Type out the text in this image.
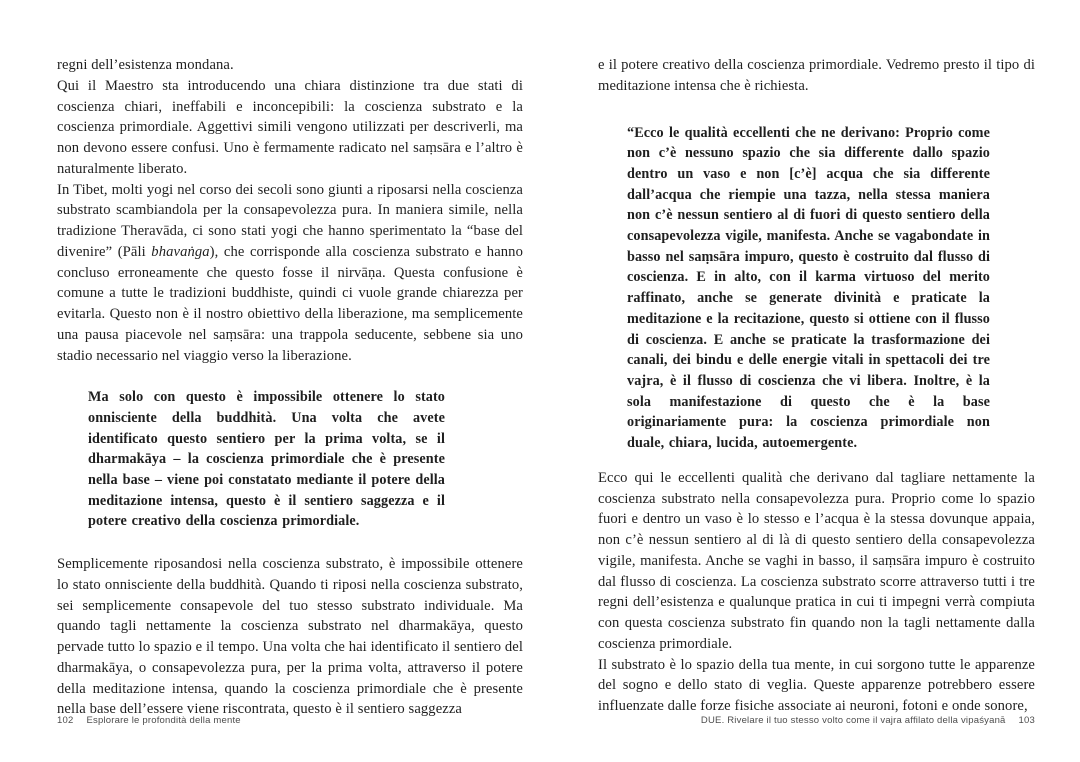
regni dell’esistenza mondana.

Qui il Maestro sta introducendo una chiara distinzione tra due stati di coscienza chiari, ineffabili e inconcepibili: la coscienza substrato e la coscienza primordiale. Aggettivi simili vengono utilizzati per descriverli, ma non devono essere confusi. Uno è fermamente radicato nel saṃsāra e l’altro è naturalmente liberato.

In Tibet, molti yogi nel corso dei secoli sono giunti a riposarsi nella coscienza substrato scambiandola per la consapevolezza pura. In maniera simile, nella tradizione Theravāda, ci sono stati yogi che hanno sperimentato la “base del divenire” (Pāli bhavaṅga), che corrisponde alla coscienza substrato e hanno concluso erroneamente che questo fosse il nirvāṇa. Questa confusione è comune a tutte le tradizioni buddhiste, quindi ci vuole grande chiarezza per evitarla. Questo non è il nostro obiettivo della liberazione, ma semplicemente una pausa piacevole nel saṃsāra: una trappola seducente, sebbene sia uno stadio necessario nel viaggio verso la liberazione.

Ma solo con questo è impossibile ottenere lo stato onnisciente della buddhità. Una volta che avete identificato questo sentiero per la prima volta, se il dharmakāya – la coscienza primordiale che è presente nella base – viene poi constatato mediante il potere della meditazione intensa, questo è il sentiero saggezza e il potere creativo della coscienza primordiale.

Semplicemente riposandosi nella coscienza substrato, è impossibile ottenere lo stato onnisciente della buddhità. Quando ti riposi nella coscienza substrato, sei semplicemente consapevole del tuo stesso substrato individuale. Ma quando tagli nettamente la coscienza substrato nel dharmakāya, questo pervade tutto lo spazio e il tempo. Una volta che hai identificato il sentiero del dharmakāya, o consapevolezza pura, per la prima volta, attraverso il potere della meditazione intensa, quando la coscienza primordiale che è presente nella base dell’essere viene riscontrata, questo è il sentiero saggezza

e il potere creativo della coscienza primordiale. Vedremo presto il tipo di meditazione intensa che è richiesta.

“Ecco le qualità eccellenti che ne derivano: Proprio come non c’è nessuno spazio che sia differente dallo spazio dentro un vaso e non [c’è] acqua che sia differente dall’acqua che riempie una tazza, nella stessa maniera non c’è nessun sentiero al di fuori di questo sentiero della consapevolezza vigile, manifesta. Anche se vagabondate in basso nel saṃsāra impuro, questo è costruito dal flusso di coscienza. E in alto, con il karma virtuoso del merito raffinato, anche se generate divinità e praticate la meditazione e la recitazione, questo si ottiene con il flusso di coscienza. E anche se praticate la trasformazione dei canali, dei bindu e delle energie vitali in spettacoli dei tre vajra, è il flusso di coscienza che vi libera. Inoltre, è la sola manifestazione di questo che è la base originariamente pura: la coscienza primordiale non duale, chiara, lucida, autoemergente.

Ecco qui le eccellenti qualità che derivano dal tagliare nettamente la coscienza substrato nella consapevolezza pura. Proprio come lo spazio fuori e dentro un vaso è lo stesso e l’acqua è la stessa dovunque appaia, non c’è nessun sentiero al di là di questo sentiero della consapevolezza vigile, manifesta. Anche se vaghi in basso, il saṃsāra impuro è costruito dal flusso di coscienza. La coscienza substrato scorre attraverso tutti i tre regni dell’esistenza e qualunque pratica in cui ti impegni verrà compiuta con questa coscienza substrato fin quando non la tagli nettamente dalla coscienza primordiale.

Il substrato è lo spazio della tua mente, in cui sorgono tutte le apparenze del sogno e dello stato di veglia. Queste apparenze potrebbero essere influenzate dalle forze fisiche associate ai neuroni, fotoni e onde sonore,

102 Esplorare le profondità della mente	DUE. Rivelare il tuo stesso volto come il vajra affilato della vipaśyanā 103
